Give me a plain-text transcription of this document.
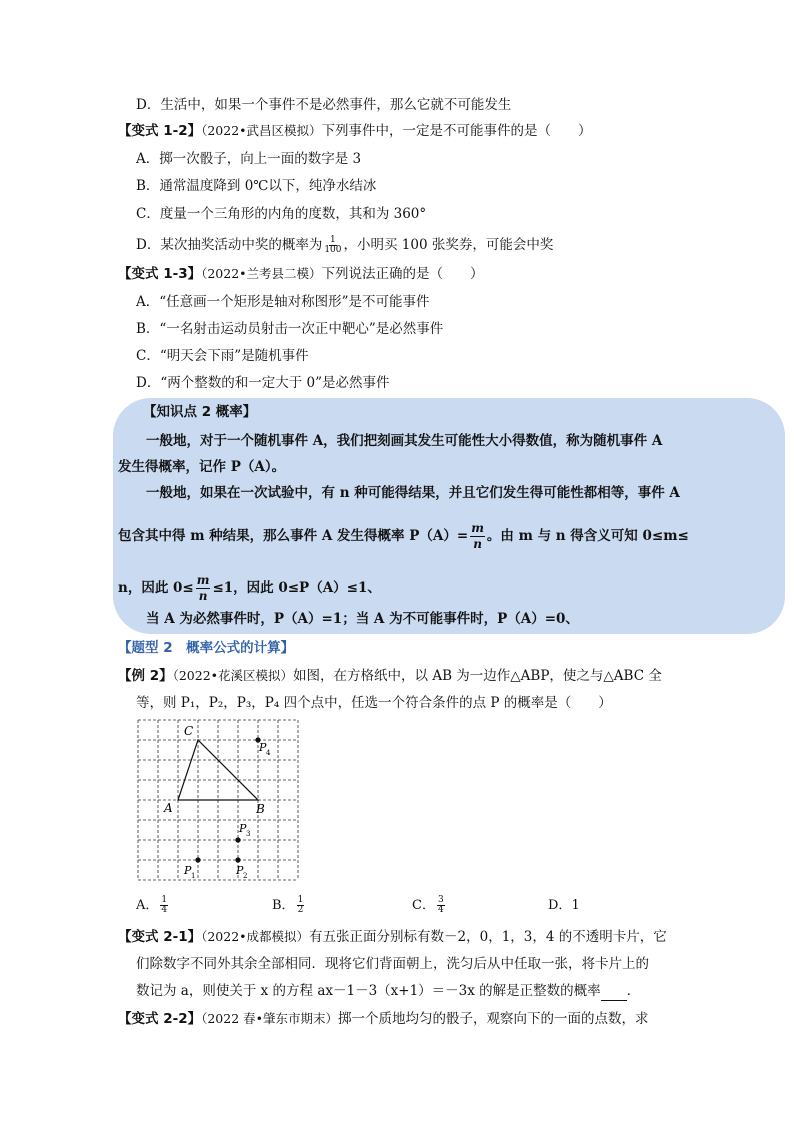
D．生活中，如果一个事件不是必然事件，那么它就不可能发生
【变式 1-2】（2022•武昌区模拟）下列事件中，一定是不可能事件的是（　　）
A．掷一次骰子，向上一面的数字是 3
B．通常温度降到 0℃以下，纯净水结冰
C．度量一个三角形的内角的度数，其和为 360°
D．某次抽奖活动中奖的概率为 $\frac{1}{100}$ ，小明买 100 张奖券，可能会中奖
【变式 1-3】（2022•兰考县二模）下列说法正确的是（　　）
A．“任意画一个矩形是轴对称图形”是不可能事件
B．“一名射击运动员射击一次正中靶心”是必然事件
C．“明天会下雨”是随机事件
D．“两个整数的和一定大于 0”是必然事件
【知识点 2 概率】
一般地，对于一个随机事件 A，我们把刻画其发生可能性大小得数值，称为随机事件 A
发生得概率，记作 P（A）。
一般地，如果在一次试验中，有 n 种可能得结果，并且它们发生得可能性都相等，事件 A
包含其中得 m 种结果，那么事件 A 发生得概率 $P(A)= \frac{m}{n}$ 。由 m 与 n 得含义可知 0≤m≤
n，因此 $0\le \frac{m}{n} \le 1$，因此 0≤P（A）≤1、
当 A 为必然事件时，P（A）=1；当 A 为不可能事件时，P（A）=0、
【题型 2　概率公式的计算】
【例 2】（2022•花溪区模拟）如图，在方格纸中，以 AB 为一边作△ABP，使之与△ABC 全
等，则 P₁，P₂，P₃，P₄ 四个点中，任选一个符合条件的点 P 的概率是（　　）
C
A	B
P 4
P 3
P 1	P 2
A． $\frac{1}{4}$	B． $\frac{1}{2}$	C． $\frac{3}{4}$	D．1
【变式 2-1】（2022•成都模拟）有五张正面分别标有数－2，0，1，3，4 的不透明卡片，它
们除数字不同外其余全部相同．现将它们背面朝上，洗匀后从中任取一张，将卡片上的
数记为 a，则使关于 x 的方程 ax－1－3（x+1）＝－3x 的解是正整数的概率 ．
【变式 2-2】（2022 春•肇东市期末）掷一个质地均匀的骰子，观察向下的一面的点数，求
